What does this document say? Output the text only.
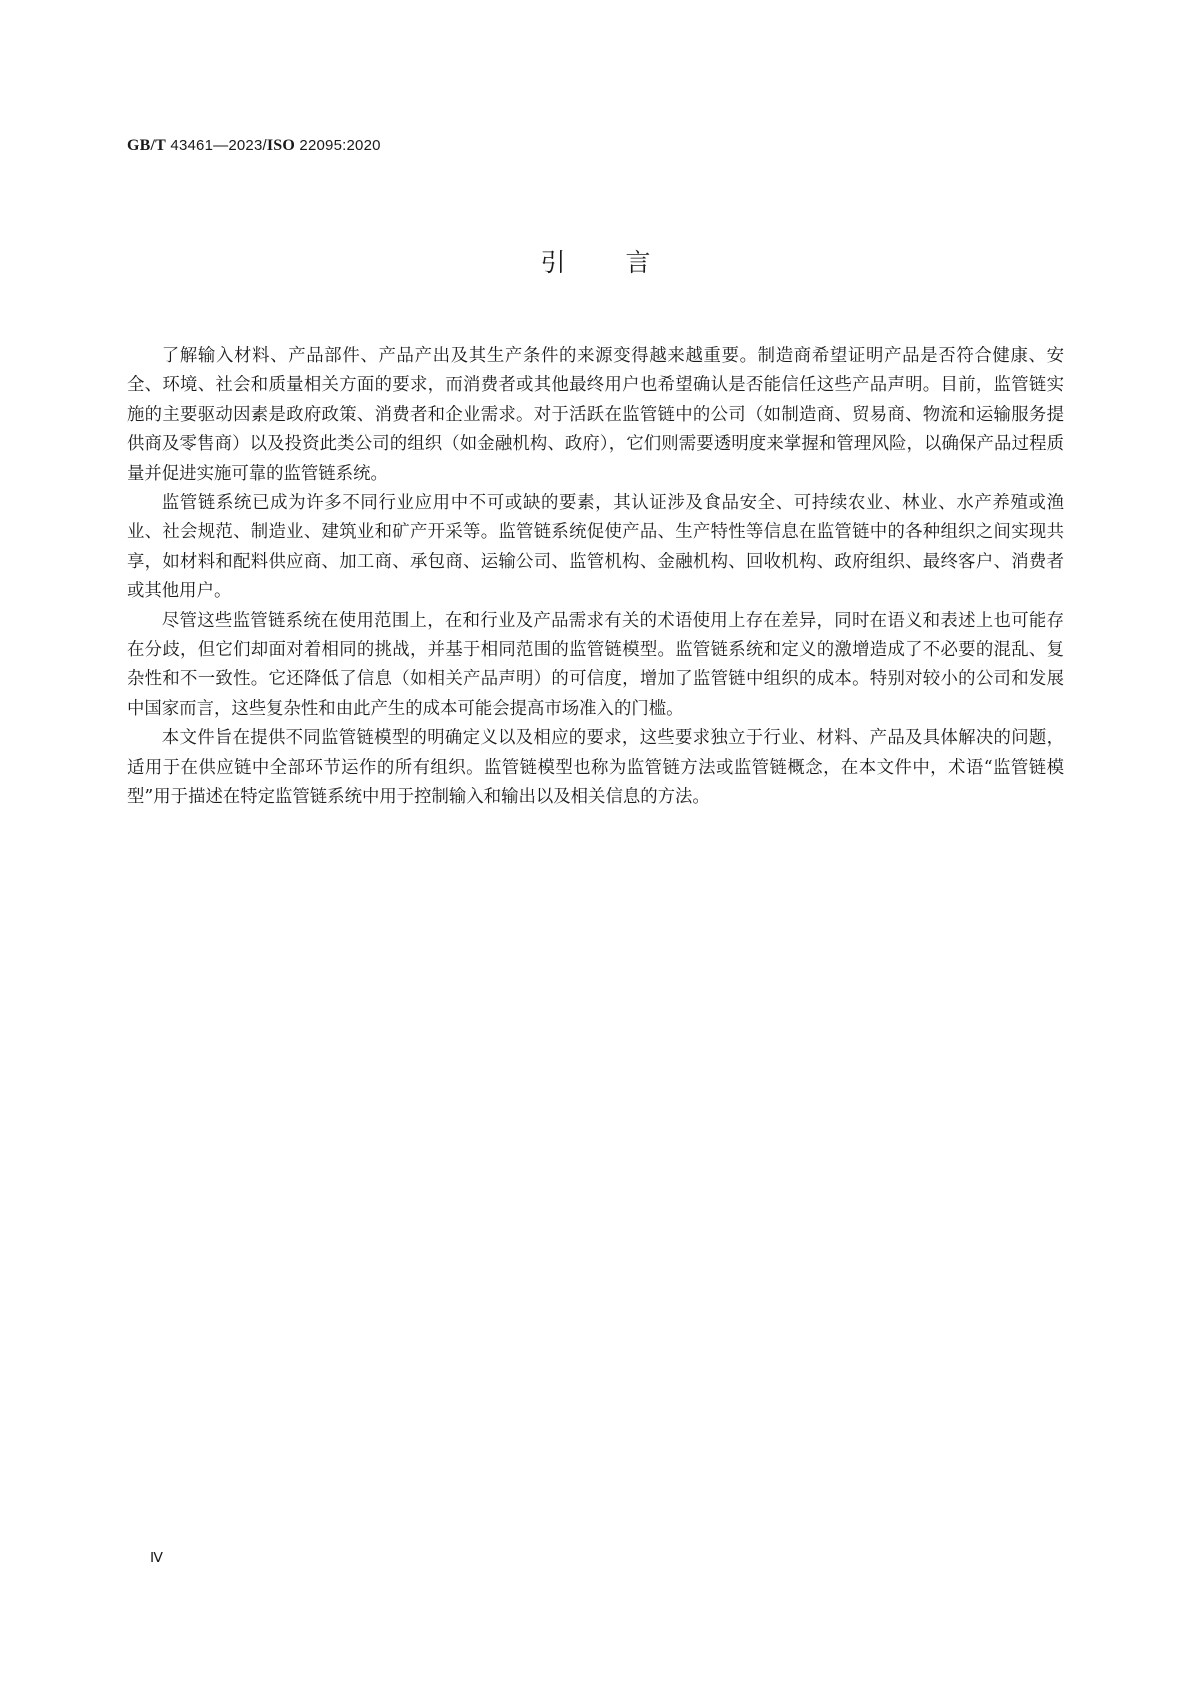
GB/T 43461—2023/ISO 22095:2020
引 言

了解输入材料、产品部件、产品产出及其生产条件的来源变得越来越重要。制造商希望证明产品是否符合健康、安全、环境、社会和质量相关方面的要求，而消费者或其他最终用户也希望确认是否能信任这些产品声明。目前，监管链实施的主要驱动因素是政府政策、消费者和企业需求。对于活跃在监管链中的公司（如制造商、贸易商、物流和运输服务提供商及零售商）以及投资此类公司的组织（如金融机构、政府），它们则需要透明度来掌握和管理风险，以确保产品过程质量并促进实施可靠的监管链系统。

监管链系统已成为许多不同行业应用中不可或缺的要素，其认证涉及食品安全、可持续农业、林业、水产养殖或渔业、社会规范、制造业、建筑业和矿产开采等。监管链系统促使产品、生产特性等信息在监管链中的各种组织之间实现共享，如材料和配料供应商、加工商、承包商、运输公司、监管机构、金融机构、回收机构、政府组织、最终客户、消费者或其他用户。

尽管这些监管链系统在使用范围上，在和行业及产品需求有关的术语使用上存在差异，同时在语义和表述上也可能存在分歧，但它们却面对着相同的挑战，并基于相同范围的监管链模型。监管链系统和定义的激增造成了不必要的混乱、复杂性和不一致性。它还降低了信息（如相关产品声明）的可信度，增加了监管链中组织的成本。特别对较小的公司和发展中国家而言，这些复杂性和由此产生的成本可能会提高市场准入的门槛。

本文件旨在提供不同监管链模型的明确定义以及相应的要求，这些要求独立于行业、材料、产品及具体解决的问题，适用于在供应链中全部环节运作的所有组织。监管链模型也称为监管链方法或监管链概念，在本文件中，术语“监管链模型”用于描述在特定监管链系统中用于控制输入和输出以及相关信息的方法。

Ⅳ
